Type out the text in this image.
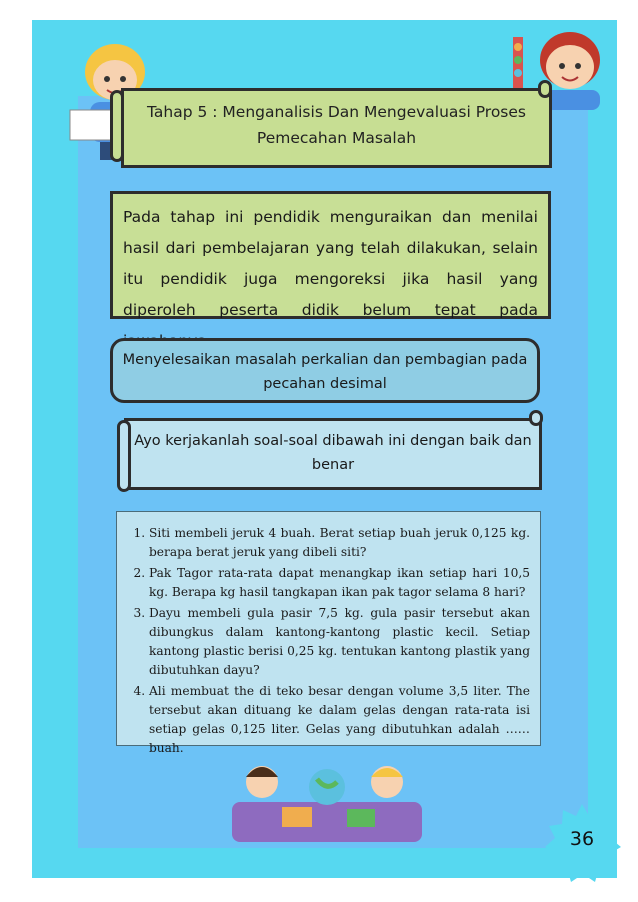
Tahap 5 : Menganalisis Dan Mengevaluasi Proses
Pemecahan Masalah
Pada tahap ini pendidik menguraikan dan menilai hasil dari pembelajaran yang telah dilakukan, selain itu pendidik juga mengoreksi jika hasil yang diperoleh peserta didik belum tepat pada
Menyelesaikan masalah perkalian dan pembagian pada
pecahan desimal
Ayo kerjakanlah soal-soal dibawah ini dengan baik dan
benar
1. Siti membeli jeruk 4 buah. Berat setiap buah jeruk 0,125 kg. berapa berat jeruk yang dibeli siti?
2. Pak Tagor rata-rata dapat menangkap ikan setiap hari 10,5 kg. Berapa kg hasil tangkapan ikan pak tagor selama 8 hari?
3. Dayu membeli gula pasir 7,5 kg. gula pasir tersebut akan dibungkus dalam kantong-kantong plastic kecil. Setiap kantong plastic berisi 0,25 kg. tentukan kantong plastik yang dibutuhkan dayu?
4. Ali membuat the di teko besar dengan volume 3,5 liter. The tersebut akan dituang ke dalam gelas dengan rata-rata isi setiap gelas 0,125 liter. Gelas yang dibutuhkan adalah …… buah.
36
